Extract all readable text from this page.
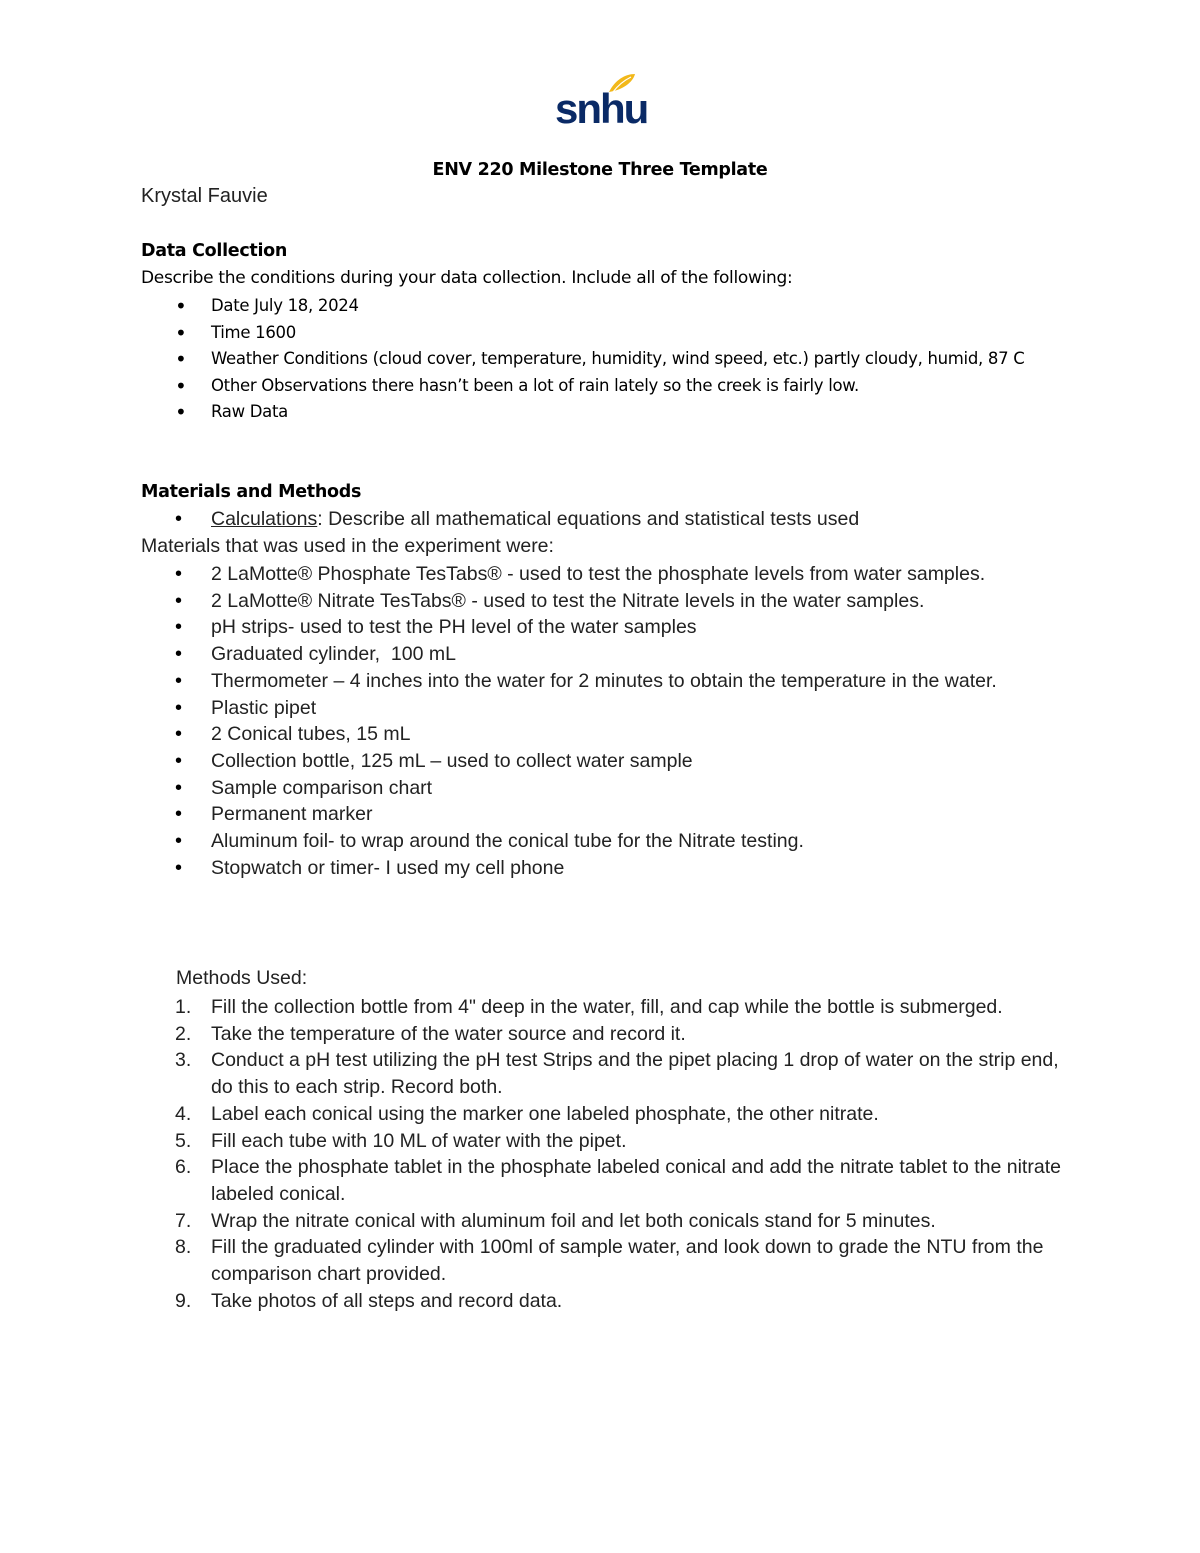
snhu
ENV 220 Milestone Three Template
Krystal Fauvie
Data Collection
Describe the conditions during your data collection. Include all of the following:
• Date July 18, 2024
• Time 1600
• Weather Conditions (cloud cover, temperature, humidity, wind speed, etc.) partly cloudy, humid, 87 C
• Other Observations there hasn’t been a lot of rain lately so the creek is fairly low.
• Raw Data
Materials and Methods
• Calculations: Describe all mathematical equations and statistical tests used
Materials that was used in the experiment were:
• 2 LaMotte® Phosphate TesTabs® - used to test the phosphate levels from water samples.
• 2 LaMotte® Nitrate TesTabs® - used to test the Nitrate levels in the water samples.
• pH strips- used to test the PH level of the water samples
• Graduated cylinder,  100 mL
• Thermometer – 4 inches into the water for 2 minutes to obtain the temperature in the water.
• Plastic pipet
• 2 Conical tubes, 15 mL
• Collection bottle, 125 mL – used to collect water sample
• Sample comparison chart
• Permanent marker
• Aluminum foil- to wrap around the conical tube for the Nitrate testing.
• Stopwatch or timer- I used my cell phone
Methods Used:
1. Fill the collection bottle from 4" deep in the water, fill, and cap while the bottle is submerged.
2. Take the temperature of the water source and record it.
3. Conduct a pH test utilizing the pH test Strips and the pipet placing 1 drop of water on the strip end, do this to each strip. Record both.
4. Label each conical using the marker one labeled phosphate, the other nitrate.
5. Fill each tube with 10 ML of water with the pipet.
6. Place the phosphate tablet in the phosphate labeled conical and add the nitrate tablet to the nitrate labeled conical.
7. Wrap the nitrate conical with aluminum foil and let both conicals stand for 5 minutes.
8. Fill the graduated cylinder with 100ml of sample water, and look down to grade the NTU from the comparison chart provided.
9. Take photos of all steps and record data.
